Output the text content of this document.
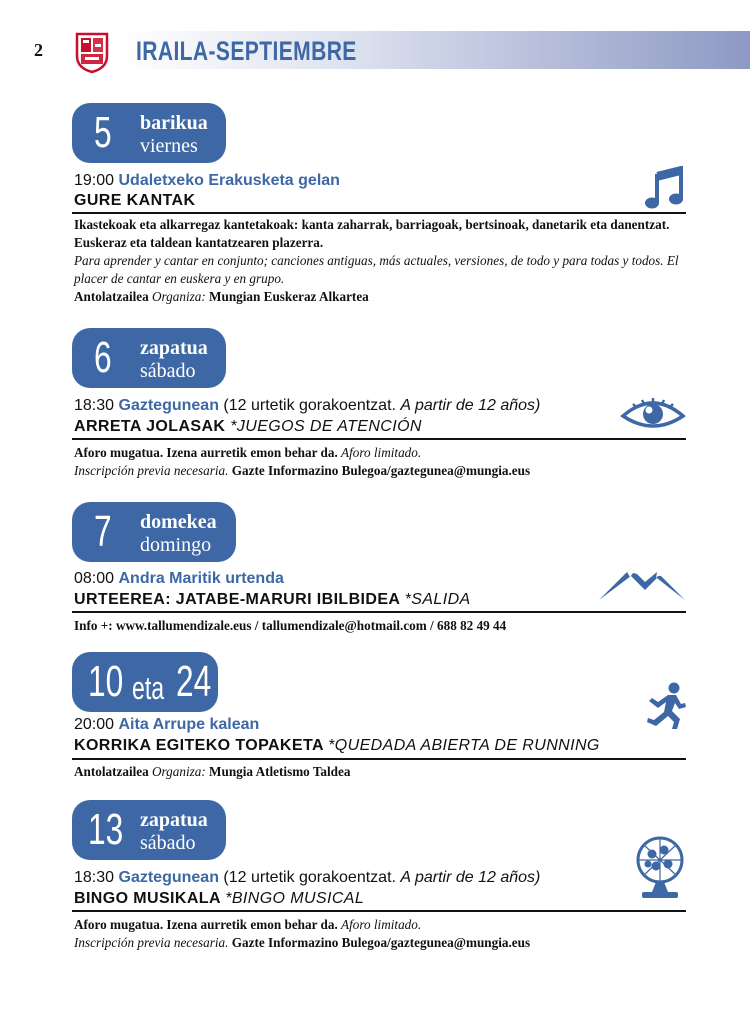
2	IRAILA-SEPTIEMBRE
5 barikua
viernes
19:00 Udaletxeko Erakusketa gelan
GURE KANTAK
Ikastekoak eta alkarregaz kantetakoak: kanta zaharrak, barriagoak, bertsinoak, danetarik eta danentzat. Euskeraz eta taldean kantatzearen plazerra.
Para aprender y cantar en conjunto; canciones antiguas, más actuales, versiones, de todo y para todas y todos. El placer de cantar en euskera y en grupo.
Antolatzailea Organiza: Mungian Euskeraz Alkartea
6 zapatua
sábado
18:30 Gaztegunean (12 urtetik gorakoentzat. A partir de 12 años)
ARRETA JOLASAK *JUEGOS DE ATENCIÓN
Aforo mugatua. Izena aurretik emon behar da. Aforo limitado.
Inscripción previa necesaria. Gazte Informazino Bulegoa/gaztegunea@mungia.eus
7 domekea
domingo
08:00 Andra Maritik urtenda
URTEEREA: JATABE-MARURI IBILBIDEA *SALIDA
Info +: www.tallumendizale.eus / tallumendizale@hotmail.com / 688 82 49 44
10 eta 24
20:00 Aita Arrupe kalean
KORRIKA EGITEKO TOPAKETA *QUEDADA ABIERTA DE RUNNING
Antolatzailea Organiza: Mungia Atletismo Taldea
13 zapatua
sábado
18:30 Gaztegunean (12 urtetik gorakoentzat. A partir de 12 años)
BINGO MUSIKALA *BINGO MUSICAL
Aforo mugatua. Izena aurretik emon behar da. Aforo limitado.
Inscripción previa necesaria. Gazte Informazino Bulegoa/gaztegunea@mungia.eus
